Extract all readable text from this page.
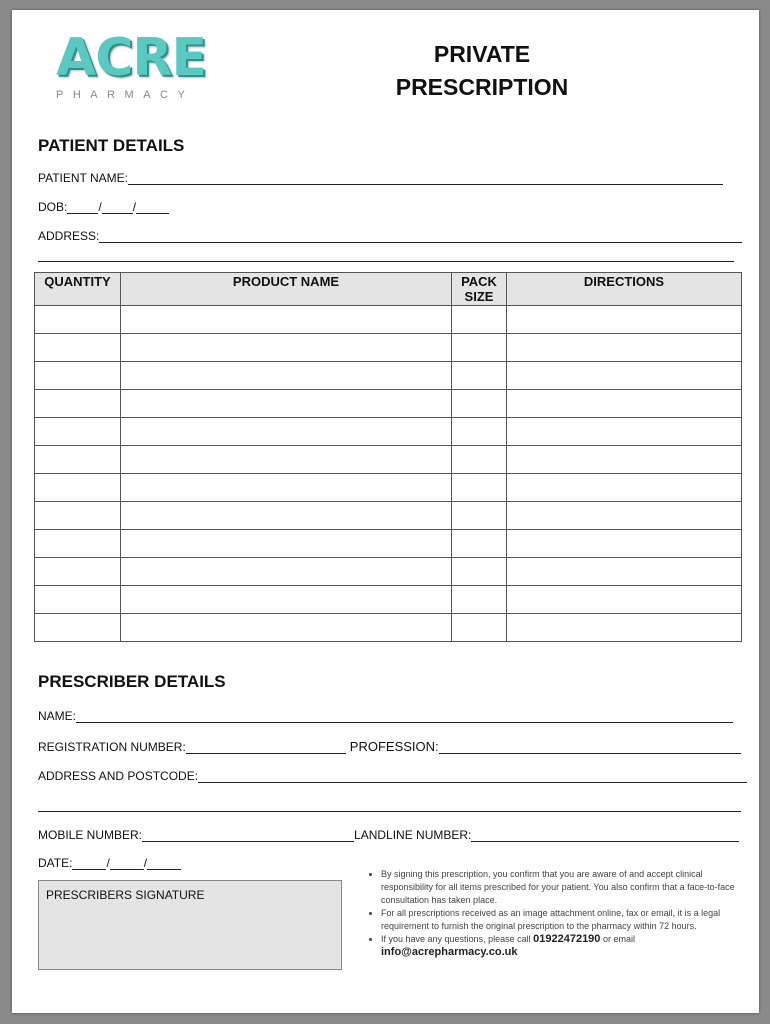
ACRE
PHARMACY
PRIVATE
PRESCRIPTION
PATIENT DETAILS
PATIENT NAME:
DOB:	/	/
ADDRESS:
QUANTITY	PRODUCT NAME	PACK SIZE	DIRECTIONS

PRESCRIBER DETAILS
NAME:
REGISTRATION NUMBER:	PROFESSION:
ADDRESS AND POSTCODE:
MOBILE NUMBER:	LANDLINE NUMBER:
DATE:	/	/
PRESCRIBERS SIGNATURE
• By signing this prescription, you confirm that you are aware of and accept clinical responsibility for all items prescribed for your patient. You also confirm that a face-to-face consultation has taken place.
• For all prescriptions received as an image attachment online, fax or email, it is a legal requirement to furnish the original prescription to the pharmacy within 72 hours.
• If you have any questions, please call 01922472190 or email
info@acrepharmacy.co.uk
